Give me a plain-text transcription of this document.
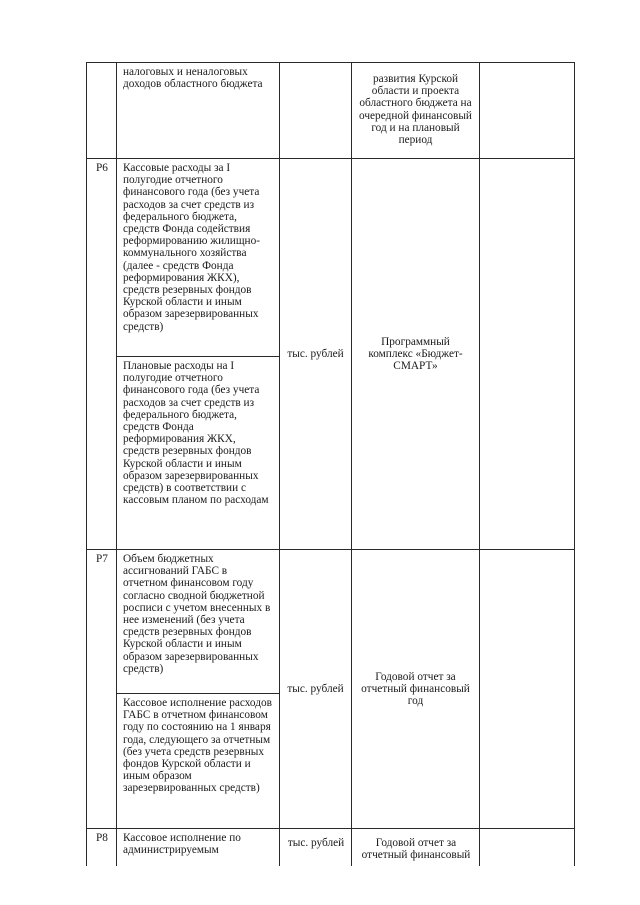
	налоговых и неналоговых доходов областного бюджета		развития Курской области и проекта областного бюджета на очередной финансовый год и на плановый период	
Р6	Кассовые расходы за I полугодие отчетного финансового года (без учета расходов за счет средств из федерального бюджета, средств Фонда содействия реформированию жилищно-коммунального хозяйства (далее - средств Фонда реформирования ЖКХ), средств резервных фондов Курской области и иным образом зарезервированных средств)	тыс. рублей	Программный комплекс «Бюджет-СМАРТ»	
	Плановые расходы на I полугодие отчетного финансового года (без учета расходов за счет средств из федерального бюджета, средств Фонда реформирования ЖКХ, средств резервных фондов Курской области и иным образом зарезервированных средств) в соответствии с кассовым планом по расходам			
Р7	Объем бюджетных ассигнований ГАБС в отчетном финансовом году согласно сводной бюджетной росписи с учетом внесенных в нее изменений (без учета средств резервных фондов Курской области и иным образом зарезервированных средств)	тыс. рублей	Годовой отчет за отчетный финансовый год	
	Кассовое исполнение расходов ГАБС в отчетном финансовом году по состоянию на 1 января года, следующего за отчетным (без учета средств резервных фондов Курской области и иным образом зарезервированных средств)			
Р8	Кассовое исполнение по администрируемым	тыс. рублей	Годовой отчет за отчетный финансовый	
